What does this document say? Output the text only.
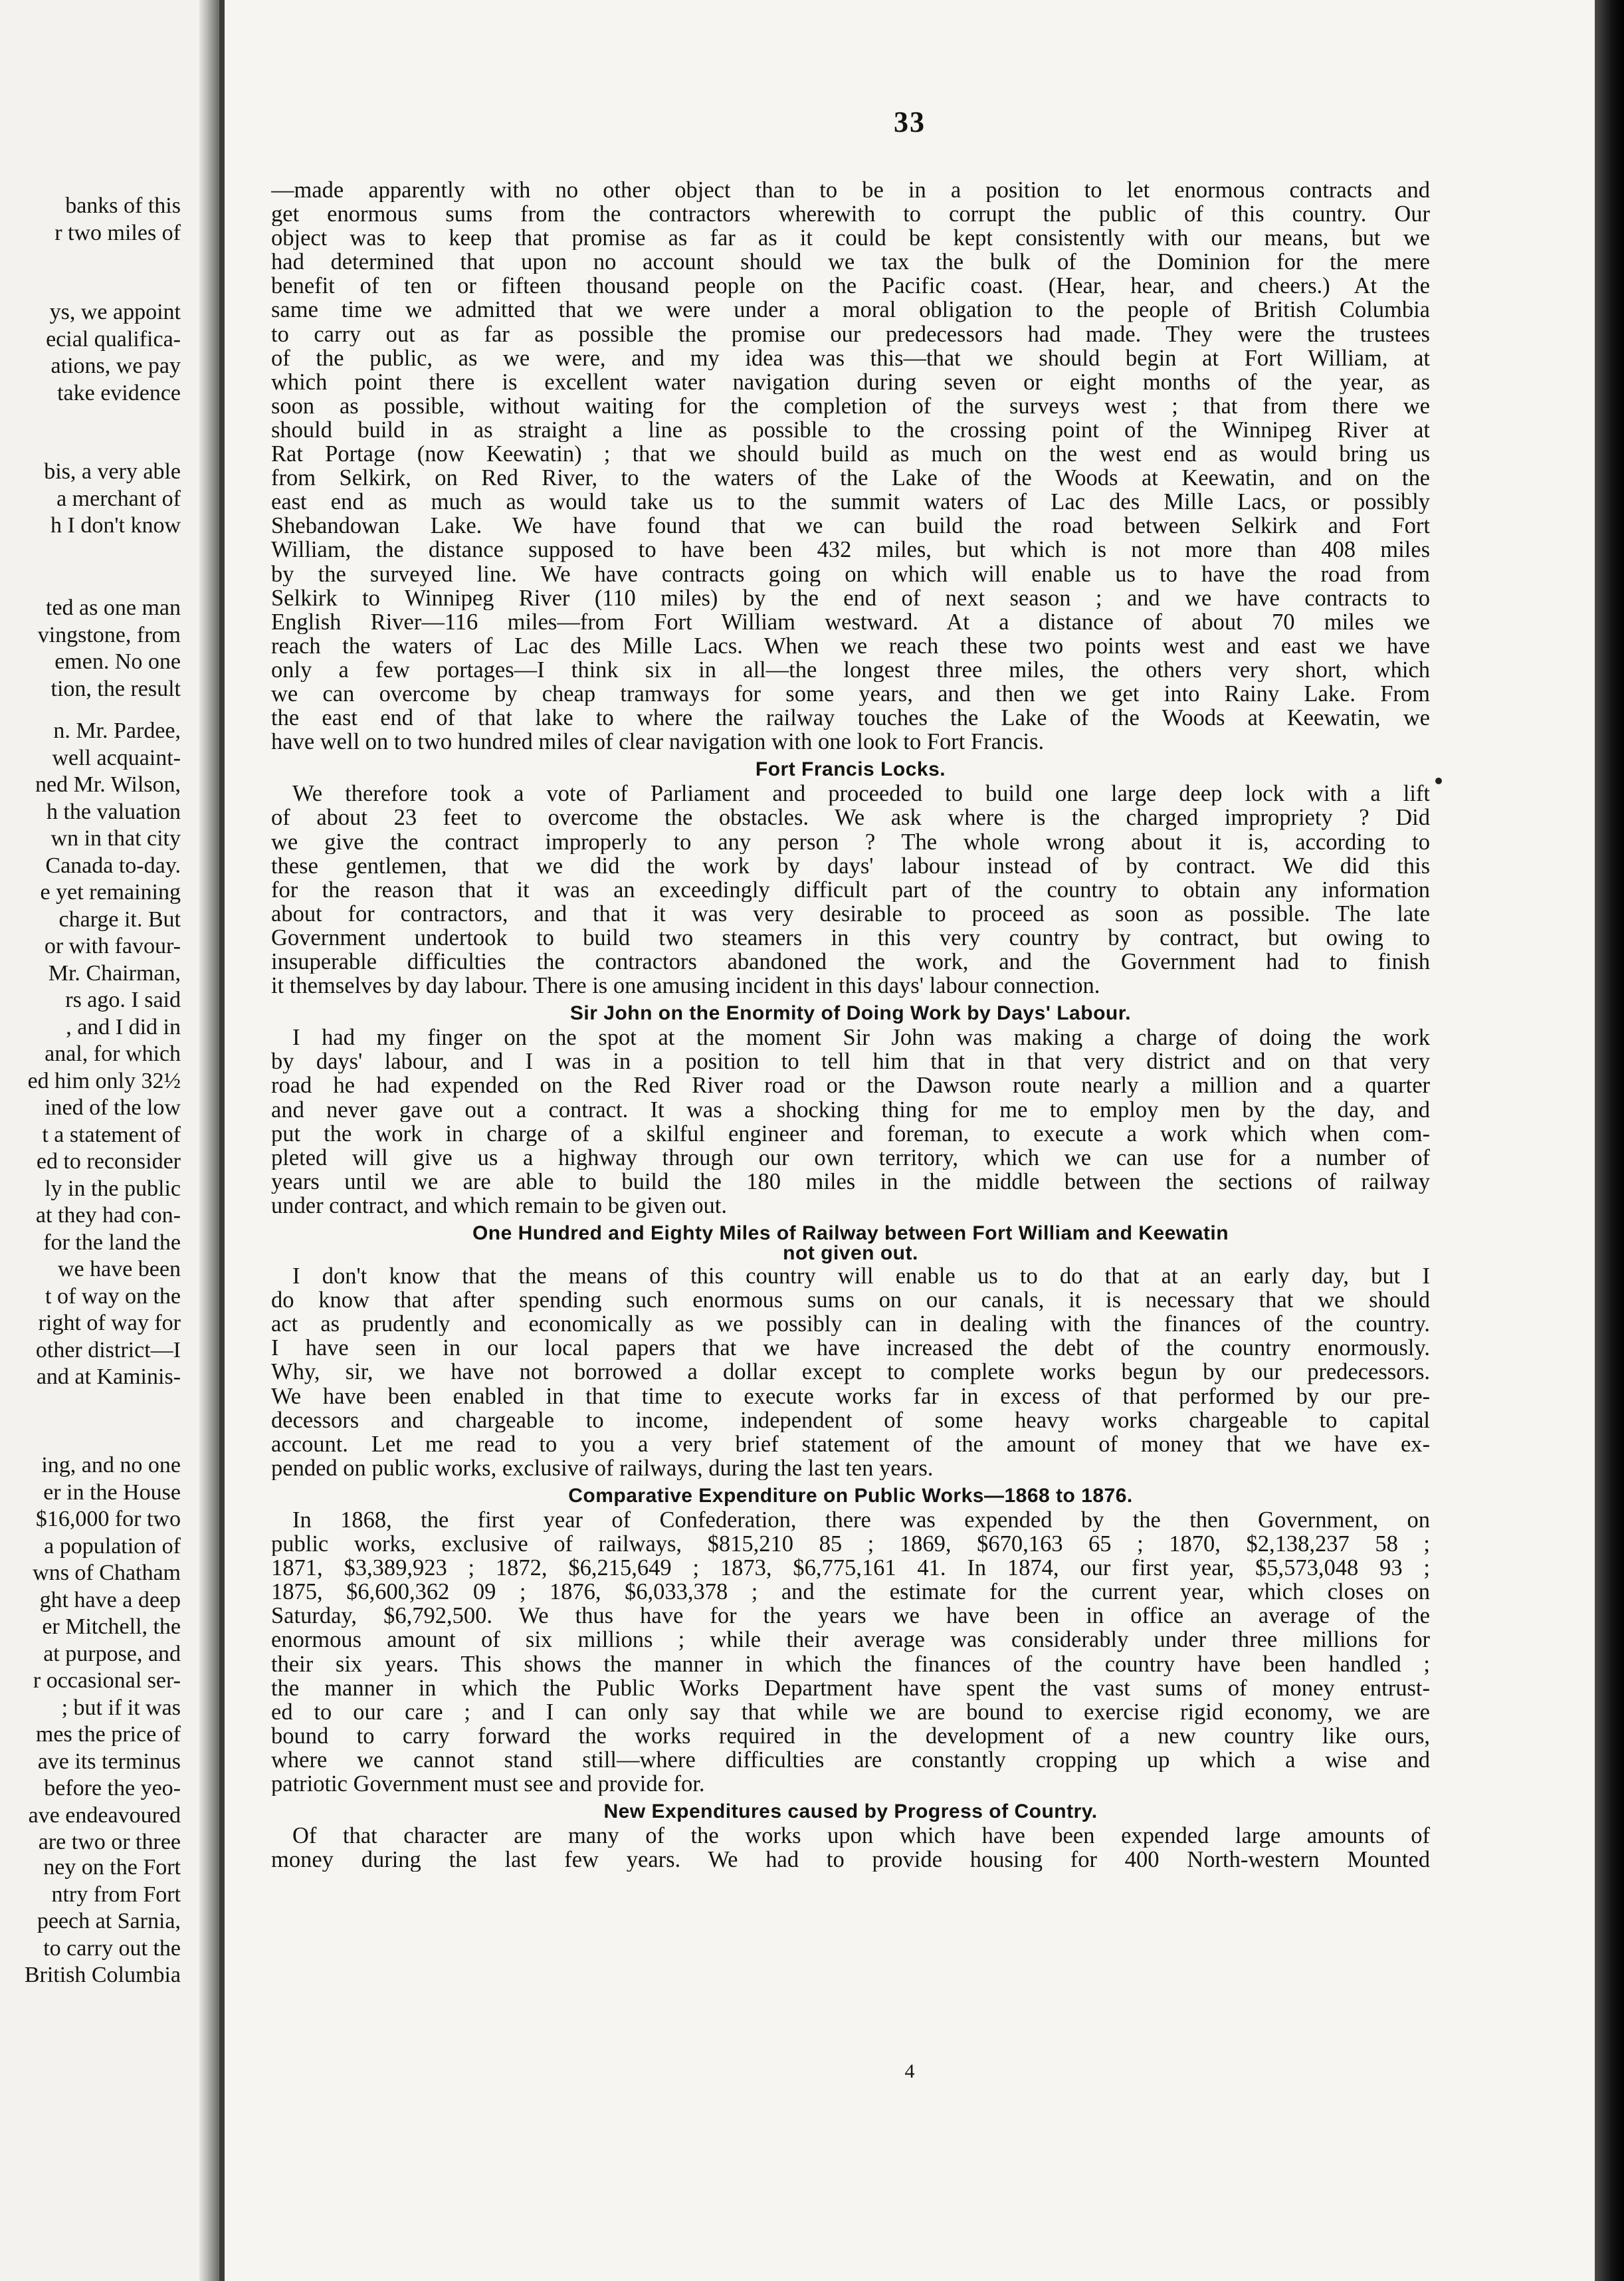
banks of this
r two miles of
ys, we appoint
ecial qualifica-
ations, we pay
take evidence
bis, a very able
a merchant of
h I don't know
ted as one man
vingstone, from
emen. No one
tion, the result
n. Mr. Pardee,
well acquaint-
ned Mr. Wilson,
h the valuation
wn in that city
Canada to-day.
e yet remaining
charge it. But
or with favour-
Mr. Chairman,
rs ago. I said
, and I did in
anal, for which
ed him only 32½
ined of the low
t a statement of
ed to reconsider
ly in the public
at they had con-
for the land the
we have been
t of way on the
right of way for
other district—I
and at Kaminis-
ing, and no one
er in the House
$16,000 for two
a population of
wns of Chatham
ght have a deep
er Mitchell, the
at purpose, and
r occasional ser-
; but if it was
mes the price of
ave its terminus
before the yeo-
ave endeavoured
are two or three
ney on the Fort
ntry from Fort
peech at Sarnia,
to carry out the
British Columbia
33
—made apparently with no other object than to be in a position to let enormous contracts and
get enormous sums from the contractors wherewith to corrupt the public of this country. Our
object was to keep that promise as far as it could be kept consistently with our means, but we
had determined that upon no account should we tax the bulk of the Dominion for the mere
benefit of ten or fifteen thousand people on the Pacific coast. (Hear, hear, and cheers.) At the
same time we admitted that we were under a moral obligation to the people of British Columbia
to carry out as far as possible the promise our predecessors had made. They were the trustees
of the public, as we were, and my idea was this—that we should begin at Fort William, at
which point there is excellent water navigation during seven or eight months of the year, as
soon as possible, without waiting for the completion of the surveys west ; that from there we
should build in as straight a line as possible to the crossing point of the Winnipeg River at
Rat Portage (now Keewatin) ; that we should build as much on the west end as would bring us
from Selkirk, on Red River, to the waters of the Lake of the Woods at Keewatin, and on the
east end as much as would take us to the summit waters of Lac des Mille Lacs, or possibly
Shebandowan Lake. We have found that we can build the road between Selkirk and Fort
William, the distance supposed to have been 432 miles, but which is not more than 408 miles
by the surveyed line. We have contracts going on which will enable us to have the road from
Selkirk to Winnipeg River (110 miles) by the end of next season ; and we have contracts to
English River—116 miles—from Fort William westward. At a distance of about 70 miles we
reach the waters of Lac des Mille Lacs. When we reach these two points west and east we have
only a few portages—I think six in all—the longest three miles, the others very short, which
we can overcome by cheap tramways for some years, and then we get into Rainy Lake. From
the east end of that lake to where the railway touches the Lake of the Woods at Keewatin, we
have well on to two hundred miles of clear navigation with one look to Fort Francis.
Fort Francis Locks.
We therefore took a vote of Parliament and proceeded to build one large deep lock with a lift
of about 23 feet to overcome the obstacles. We ask where is the charged impropriety ? Did
we give the contract improperly to any person ? The whole wrong about it is, according to
these gentlemen, that we did the work by days' labour instead of by contract. We did this
for the reason that it was an exceedingly difficult part of the country to obtain any information
about for contractors, and that it was very desirable to proceed as soon as possible. The late
Government undertook to build two steamers in this very country by contract, but owing to
insuperable difficulties the contractors abandoned the work, and the Government had to finish
it themselves by day labour. There is one amusing incident in this days' labour connection.
Sir John on the Enormity of Doing Work by Days' Labour.
I had my finger on the spot at the moment Sir John was making a charge of doing the work
by days' labour, and I was in a position to tell him that in that very district and on that very
road he had expended on the Red River road or the Dawson route nearly a million and a quarter
and never gave out a contract. It was a shocking thing for me to employ men by the day, and
put the work in charge of a skilful engineer and foreman, to execute a work which when com-
pleted will give us a highway through our own territory, which we can use for a number of
years until we are able to build the 180 miles in the middle between the sections of railway
under contract, and which remain to be given out.
One Hundred and Eighty Miles of Railway between Fort William and Keewatin
not given out.
I don't know that the means of this country will enable us to do that at an early day, but I
do know that after spending such enormous sums on our canals, it is necessary that we should
act as prudently and economically as we possibly can in dealing with the finances of the country.
I have seen in our local papers that we have increased the debt of the country enormously.
Why, sir, we have not borrowed a dollar except to complete works begun by our predecessors.
We have been enabled in that time to execute works far in excess of that performed by our pre-
decessors and chargeable to income, independent of some heavy works chargeable to capital
account. Let me read to you a very brief statement of the amount of money that we have ex-
pended on public works, exclusive of railways, during the last ten years.
Comparative Expenditure on Public Works—1868 to 1876.
In 1868, the first year of Confederation, there was expended by the then Government, on
public works, exclusive of railways, $815,210 85 ; 1869, $670,163 65 ; 1870, $2,138,237 58 ;
1871, $3,389,923 ; 1872, $6,215,649 ; 1873, $6,775,161 41. In 1874, our first year, $5,573,048 93 ;
1875, $6,600,362 09 ; 1876, $6,033,378 ; and the estimate for the current year, which closes on
Saturday, $6,792,500. We thus have for the years we have been in office an average of the
enormous amount of six millions ; while their average was considerably under three millions for
their six years. This shows the manner in which the finances of the country have been handled ;
the manner in which the Public Works Department have spent the vast sums of money entrust-
ed to our care ; and I can only say that while we are bound to exercise rigid economy, we are
bound to carry forward the works required in the development of a new country like ours,
where we cannot stand still—where difficulties are constantly cropping up which a wise and
patriotic Government must see and provide for.
New Expenditures caused by Progress of Country.
Of that character are many of the works upon which have been expended large amounts of
money during the last few years. We had to provide housing for 400 North-western Mounted
4
